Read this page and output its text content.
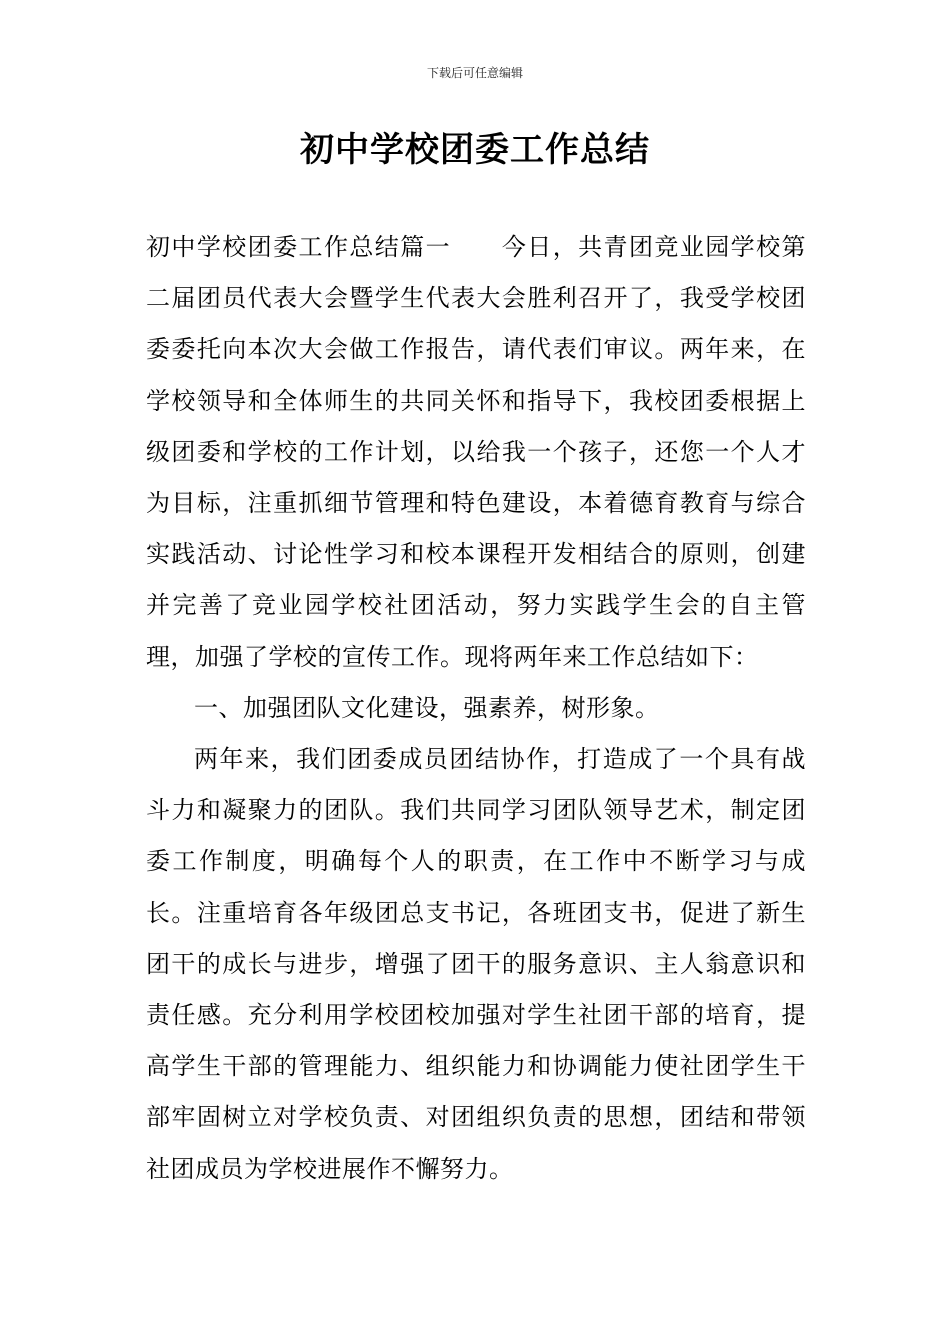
下载后可任意编辑
初中学校团委工作总结

初中学校团委工作总结篇一　　今日，共青团竞业园学校第二届团员代表大会暨学生代表大会胜利召开了，我受学校团委委托向本次大会做工作报告，请代表们审议。两年来，在学校领导和全体师生的共同关怀和指导下，我校团委根据上级团委和学校的工作计划，以给我一个孩子，还您一个人才为目标，注重抓细节管理和特色建设，本着德育教育与综合实践活动、讨论性学习和校本课程开发相结合的原则，创建并完善了竞业园学校社团活动，努力实践学生会的自主管理，加强了学校的宣传工作。现将两年来工作总结如下：

一、加强团队文化建设，强素养，树形象。

两年来，我们团委成员团结协作，打造成了一个具有战斗力和凝聚力的团队。我们共同学习团队领导艺术，制定团委工作制度，明确每个人的职责，在工作中不断学习与成长。注重培育各年级团总支书记，各班团支书，促进了新生团干的成长与进步，增强了团干的服务意识、主人翁意识和责任感。充分利用学校团校加强对学生社团干部的培育，提高学生干部的管理能力、组织能力和协调能力使社团学生干部牢固树立对学校负责、对团组织负责的思想，团结和带领社团成员为学校进展作不懈努力。
